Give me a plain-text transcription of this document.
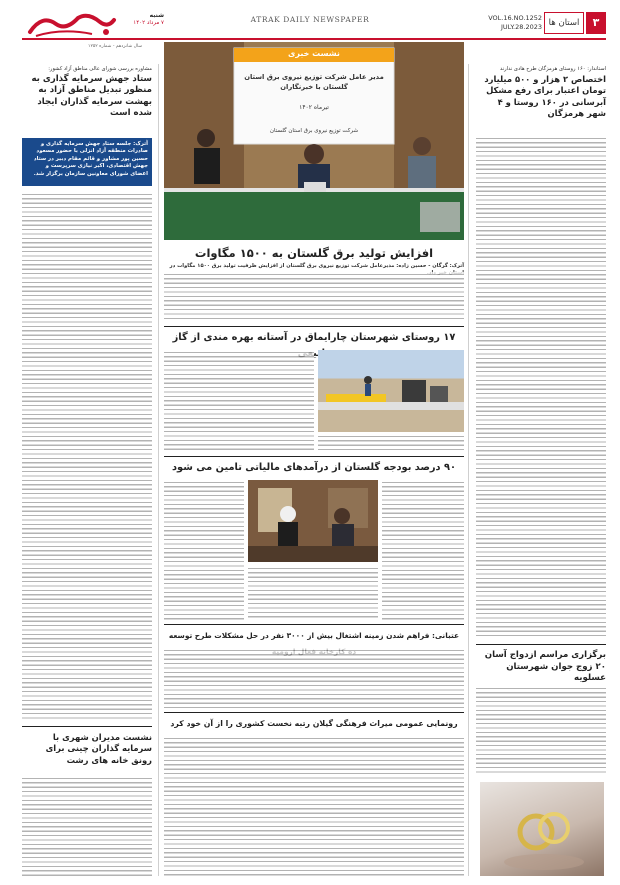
شنبه
۷ مرداد ۱۴۰۲
سال شانزدهم - شماره ۱۲۵۲
ATRAK DAILY NEWSPAPER	VOL.16.NO.1252
JULY.28.2023 استان ها	۳
مشاوره بررسی شورای عالی مناطق آزاد کشور:
ستاد جهش سرمایه گذاری به منظور تبدیل مناطق آزاد به بهشت سرمایه گذاران ایجاد شده است
آترک: جلسه ستاد جهش سرمایه گذاری و صادرات منطقه آزاد انزلی با حضور مسعود حسین پور مشاور و قائم مقام دبیر در ستاد جهش اقتصادی، اکبر نیازی سرپرست و اعضای شورای معاونین سازمان برگزار شد.
نشست مدیران شهری با سرمایه گذاران چینی برای رونق خانه های رشت
استاندار: ۱۶۰ روستای هرمزگان طرح هادی ندارند
اختصاص ۲ هزار و ۵۰۰ میلیارد تومان اعتبار برای رفع مشکل آبرسانی در ۱۶۰ روستا و ۴ شهر هرمزگان
برگزاری مراسم ازدواج آسان ۲۰ زوج جوان شهرستان عسلویه
نشست خبری
مدیر عامل شرکت توزیع نیروی برق استان گلستان با خبرنگاران
تیرماه ۱۴۰۲
شرکت توزیع نیروی برق استان گلستان
افزایش تولید برق گلستان به ۱۵۰۰ مگاوات
آترک: گرگان - حسین زاده: مدیرعامل شرکت توزیع نیروی برق گلستان از افزایش ظرفیت تولید برق ۱۵۰۰ مگاوات در
۱۷ روستای شهرستان چارایماق در آستانه بهره مندی از گاز
۹۰ درصد بودجه گلستان از درآمدهای مالیاتی تامین می شود
عتبانی: فراهم شدن زمینه اشتغال بیش از ۳۰۰۰ نفر در حل مشکلات طرح توسعه
رونمایی عمومی میراث فرهنگی گیلان رتبه نخست کشوری را از آن خود کرد
